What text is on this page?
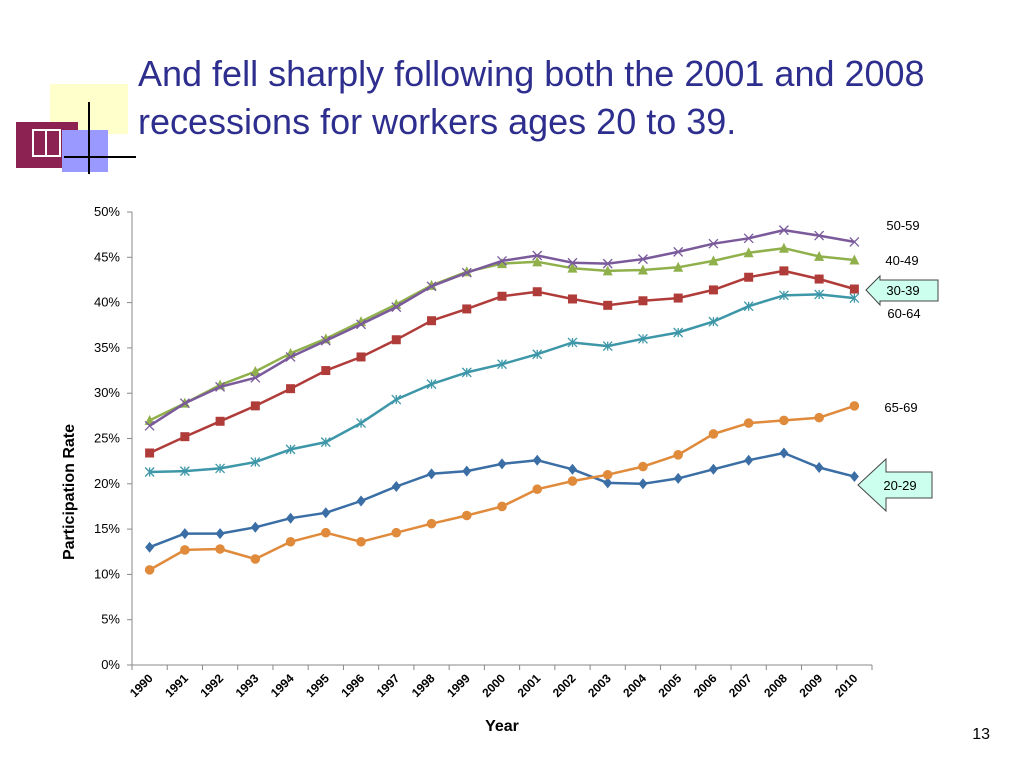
And fell sharply following both the 2001 and 2008 recessions for workers ages 20 to 39.
0%
5%
10%
15%
20%
25%
30%
35%
40%
45%
50%
1990 1991 1992 1993 1994 1995 1996 1997 1998 1999 2000 2001 2002 2003 2004 2005 2006 2007 2008 2009 2010
Participation Rate
Year
50-59
40-49
30-39
60-64
65-69
20-29
13
